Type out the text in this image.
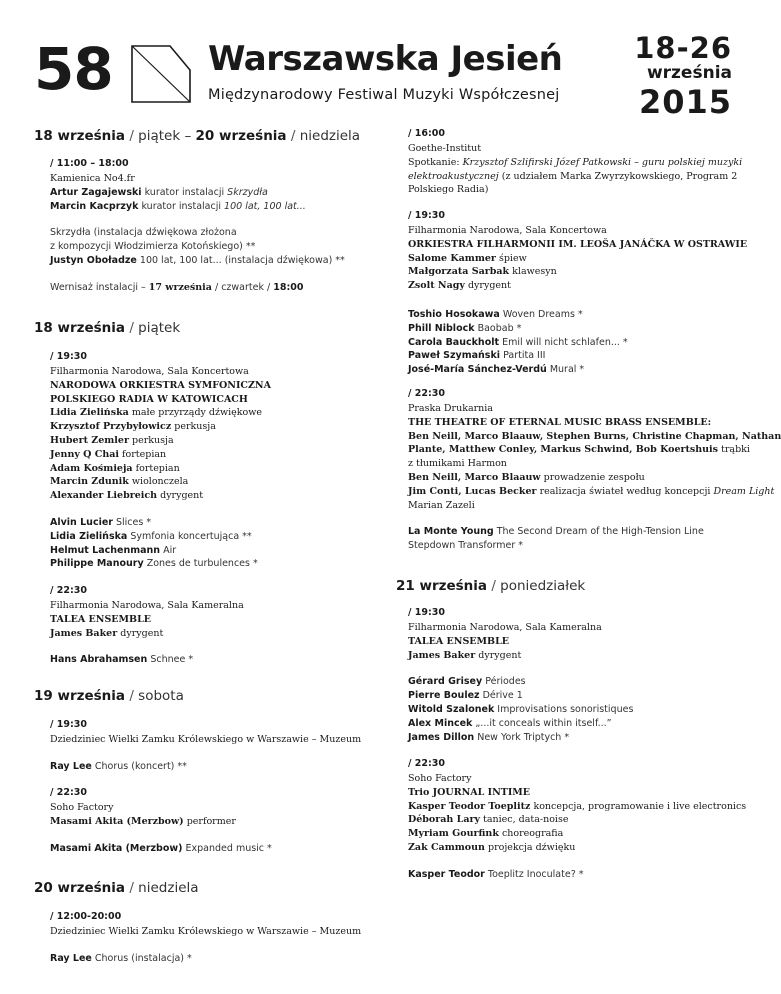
58	Warszawska Jesień
Międzynarodowy Festiwal Muzyki Współczesnej
18-26
września
2015
18 września / piątek – 20 września / niedziela
/ 11:00 – 18:00
Kamienica No4.fr
Artur Zagajewski kurator instalacji Skrzydła
Marcin Kacprzyk kurator instalacji 100 lat, 100 lat...
Skrzydła (instalacja dźwiękowa złożona
z kompozycji Włodzimierza Kotońskiego) **
Justyn Oboładze 100 lat, 100 lat... (instalacja dźwiękowa) **
Wernisaż instalacji – 17 września / czwartek / 18:00
18 września / piątek
/ 19:30
Filharmonia Narodowa, Sala Koncertowa
NARODOWA ORKIESTRA SYMFONICZNA
POLSKIEGO RADIA W KATOWICACH
Lidia Zielińska małe przyrządy dźwiękowe
Krzysztof Przybyłowicz perkusja
Hubert Zemler perkusja
Jenny Q Chai fortepian
Adam Kośmieja fortepian
Marcin Zdunik wiolonczela
Alexander Liebreich dyrygent
Alvin Lucier Slices *
Lidia Zielińska Symfonia koncertująca **
Helmut Lachenmann Air
Philippe Manoury Zones de turbulences *
/ 22:30
Filharmonia Narodowa, Sala Kameralna
TALEA ENSEMBLE
James Baker dyrygent
Hans Abrahamsen Schnee *
19 września / sobota
/ 19:30
Dziedziniec Wielki Zamku Królewskiego w Warszawie – Muzeum
Ray Lee Chorus (koncert) **
/ 22:30
Soho Factory
Masami Akita (Merzbow) performer
Masami Akita (Merzbow) Expanded music *
20 września / niedziela
/ 12:00-20:00
Dziedziniec Wielki Zamku Królewskiego w Warszawie – Muzeum
Ray Lee Chorus (instalacja) *
/ 16:00
Goethe-Institut
Spotkanie: Krzysztof Szlifirski Józef Patkowski – guru polskiej muzyki
elektroakustycznej (z udziałem Marka Zwyrzykowskiego, Program 2
Polskiego Radia)
/ 19:30
Filharmonia Narodowa, Sala Koncertowa
ORKIESTRA FILHARMONII IM. LEOŠA JANÁČKA W OSTRAWIE
Salome Kammer śpiew
Małgorzata Sarbak klawesyn
Zsolt Nagy dyrygent
Toshio Hosokawa Woven Dreams *
Phill Niblock Baobab *
Carola Bauckholt Emil will nicht schlafen... *
Paweł Szymański Partita III
José-María Sánchez-Verdú Mural *
/ 22:30
Praska Drukarnia
THE THEATRE OF ETERNAL MUSIC BRASS ENSEMBLE:
Ben Neill, Marco Blaauw, Stephen Burns, Christine Chapman, Nathan
Plante, Matthew Conley, Markus Schwind, Bob Koertshuis trąbki
z tłumikami Harmon
Ben Neill, Marco Blaauw prowadzenie zespołu
Jim Conti, Lucas Becker realizacja świateł według koncepcji Dream Light
Marian Zazeli
La Monte Young The Second Dream of the High-Tension Line
Stepdown Transformer *
21 września / poniedziałek
/ 19:30
Filharmonia Narodowa, Sala Kameralna
TALEA ENSEMBLE
James Baker dyrygent
Gérard Grisey Périodes
Pierre Boulez Dérive 1
Witold Szalonek Improvisations sonoristiques
Alex Mincek „...it conceals within itself...”
James Dillon New York Triptych *
/ 22:30
Soho Factory
Trio JOURNAL INTIME
Kasper Teodor Toeplitz koncepcja, programowanie i live electronics
Déborah Lary taniec, data-noise
Myriam Gourfink choreografia
Zak Cammoun projekcja dźwięku
Kasper Teodor Toeplitz Inoculate? *
